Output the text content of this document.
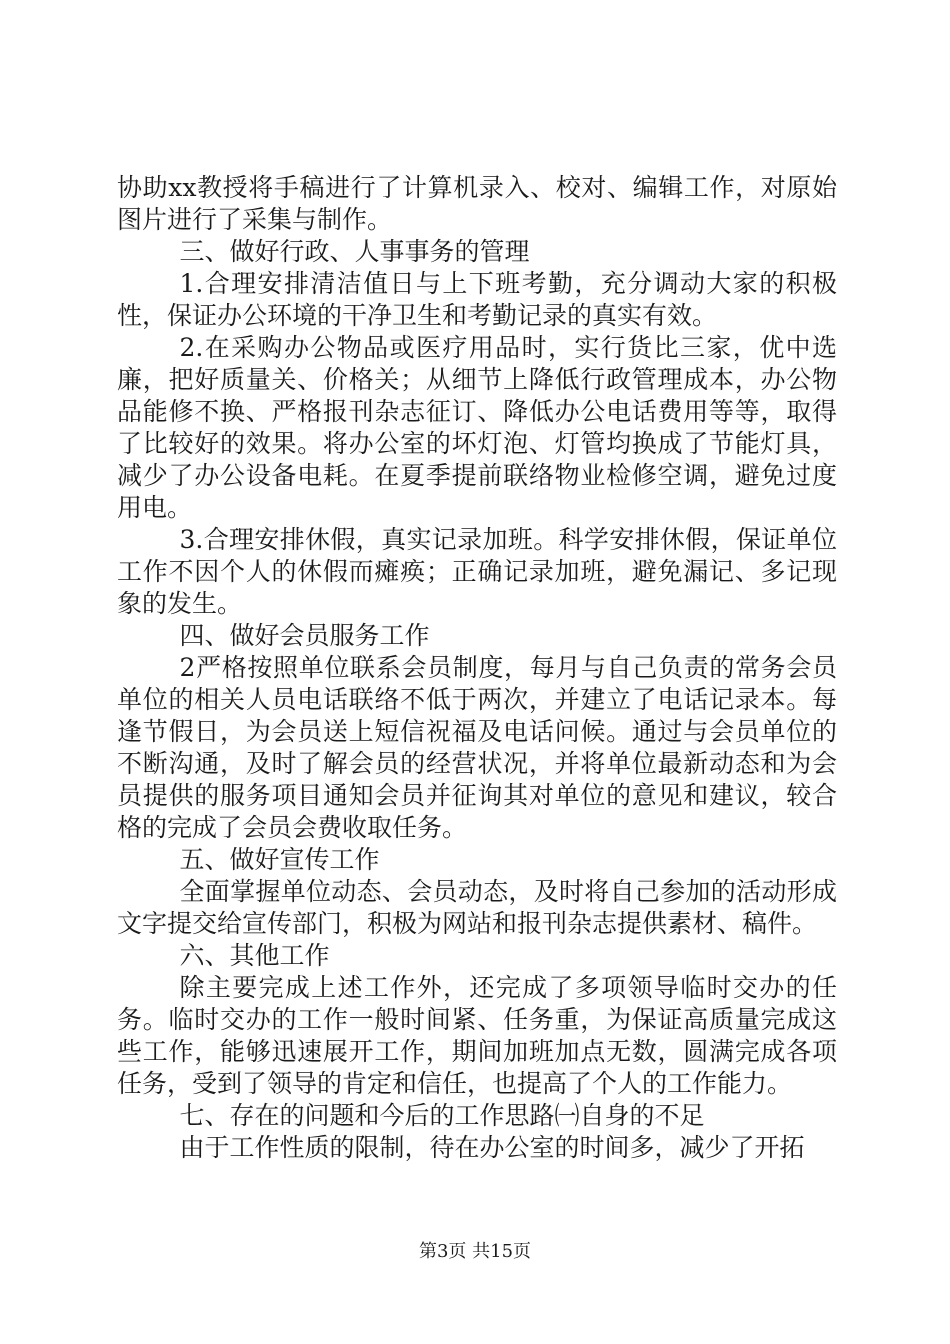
协助xx教授将手稿进行了计算机录入、校对、编辑工作，对原始图片进行了采集与制作。

三、做好行政、人事事务的管理

1.合理安排清洁值日与上下班考勤，充分调动大家的积极性，保证办公环境的干净卫生和考勤记录的真实有效。

2.在采购办公物品或医疗用品时，实行货比三家，优中选廉，把好质量关、价格关；从细节上降低行政管理成本，办公物品能修不换、严格报刊杂志征订、降低办公电话费用等等，取得了比较好的效果。将办公室的坏灯泡、灯管均换成了节能灯具，减少了办公设备电耗。在夏季提前联络物业检修空调，避免过度用电。

3.合理安排休假，真实记录加班。科学安排休假，保证单位工作不因个人的休假而瘫痪；正确记录加班，避免漏记、多记现象的发生。

四、做好会员服务工作

2严格按照单位联系会员制度，每月与自己负责的常务会员单位的相关人员电话联络不低于两次，并建立了电话记录本。每逢节假日，为会员送上短信祝福及电话问候。通过与会员单位的不断沟通，及时了解会员的经营状况，并将单位最新动态和为会员提供的服务项目通知会员并征询其对单位的意见和建议，较合格的完成了会员会费收取任务。

五、做好宣传工作

全面掌握单位动态、会员动态，及时将自己参加的活动形成文字提交给宣传部门，积极为网站和报刊杂志提供素材、稿件。

六、其他工作

除主要完成上述工作外，还完成了多项领导临时交办的任务。临时交办的工作一般时间紧、任务重，为保证高质量完成这些工作，能够迅速展开工作，期间加班加点无数，圆满完成各项任务，受到了领导的肯定和信任，也提高了个人的工作能力。

七、存在的问题和今后的工作思路㈠自身的不足

由于工作性质的限制，待在办公室的时间多，减少了开拓

第3页 共15页
